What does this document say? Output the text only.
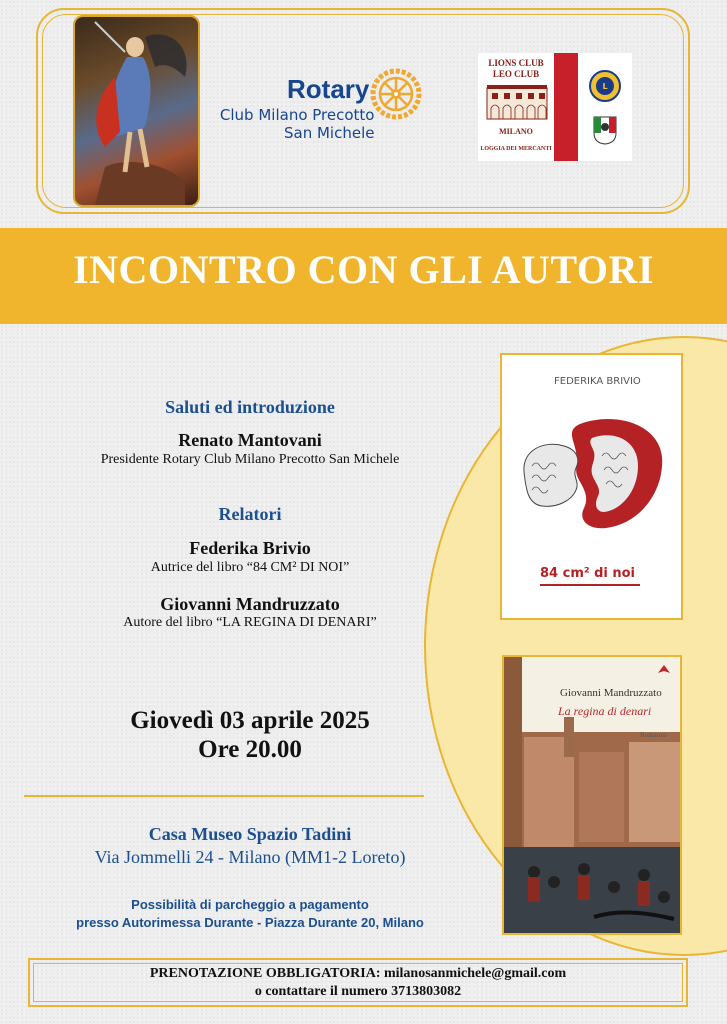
Rotary
Club Milano Precotto
San Michele
LIONS CLUB
LEO CLUB
MILANO
LOGGIA DEI MERCANTI
L
INCONTRO CON GLI AUTORI
FEDERIKA BRIVIO
84 cm² di noi
Giovanni Mandruzzato
La regina di denari
Romanzo
Saluti ed introduzione
Renato Mantovani
Presidente Rotary Club Milano Precotto San Michele
Relatori
Federika Brivio
Autrice del libro “84 CM² DI NOI”
Giovanni Mandruzzato
Autore del libro “LA REGINA DI DENARI”
Giovedì 03 aprile 2025
Ore 20.00
Casa Museo Spazio Tadini
Via Jommelli 24 - Milano (MM1-2 Loreto)
Possibilità di parcheggio a pagamento
presso Autorimessa Durante - Piazza Durante 20, Milano
PRENOTAZIONE OBBLIGATORIA: milanosanmichele@gmail.com
o contattare il numero 3713803082
